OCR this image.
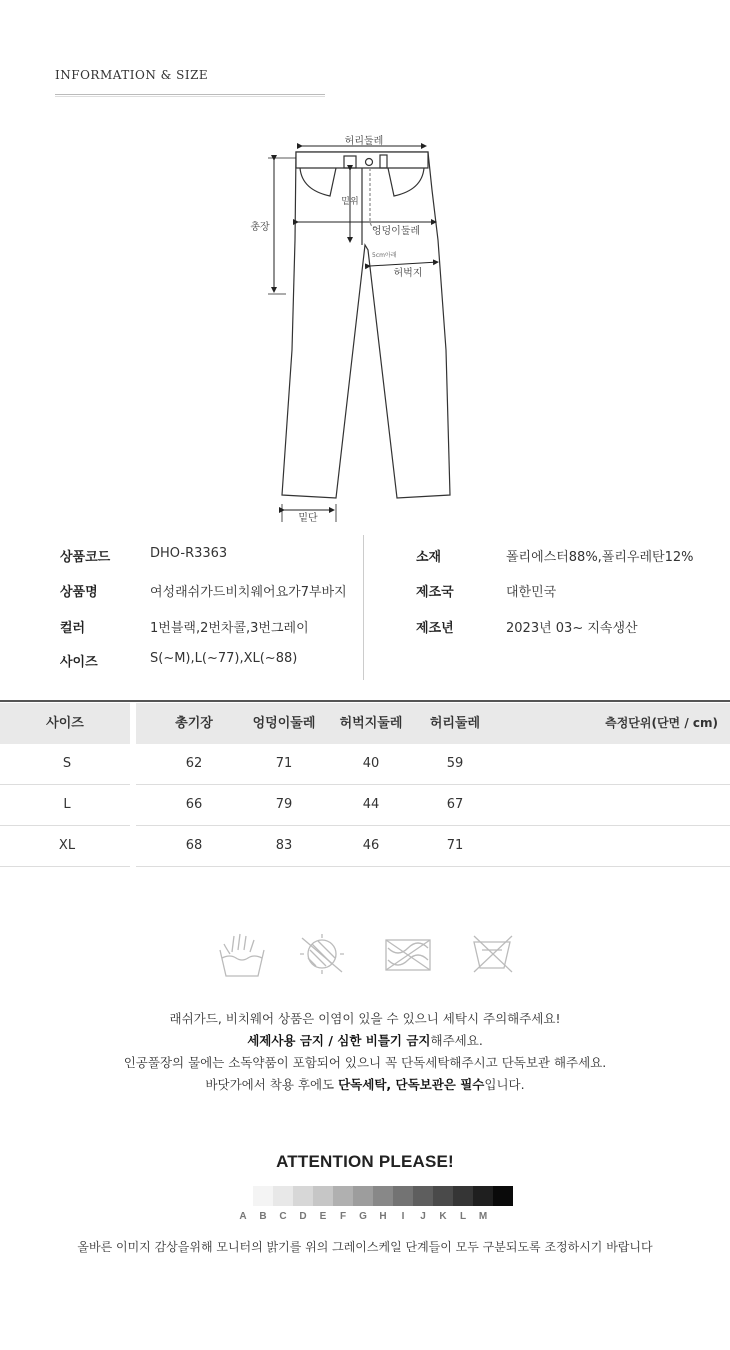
INFORMATION & SIZE
허리둘레
총장
밑위
엉덩이둘레
5cm아래
허벅지
밑단
상품코드	DHO-R3363
상품명	여성래쉬가드비치웨어요가7부바지
컬러	1번블랙,2번차콜,3번그레이
사이즈	S(~M),L(~77),XL(~88)
소재	폴리에스터88%,폴리우레탄12%
제조국	대한민국
제조년	2023년 03~ 지속생산
사이즈	총기장	엉덩이둘레	허벅지둘레	허리둘레	측정단위(단면 / cm)
S	62	71	40	59
L	66	79	44	67
XL	68	83	46	71
래쉬가드, 비치웨어 상품은 이염이 있을 수 있으니 세탁시 주의해주세요!
세제사용 금지 / 심한 비틀기 금지해주세요.
인공풀장의 물에는 소독약품이 포함되어 있으니 꼭 단독세탁해주시고 단독보관 해주세요.
바닷가에서 착용 후에도 단독세탁, 단독보관은 필수입니다.
ATTENTION PLEASE!
A	B	C	D	E	F	G	H	I	J	K	L	M
올바른 이미지 감상을위해 모니터의 밝기를 위의 그레이스케일 단계들이 모두 구분되도록 조정하시기 바랍니다
